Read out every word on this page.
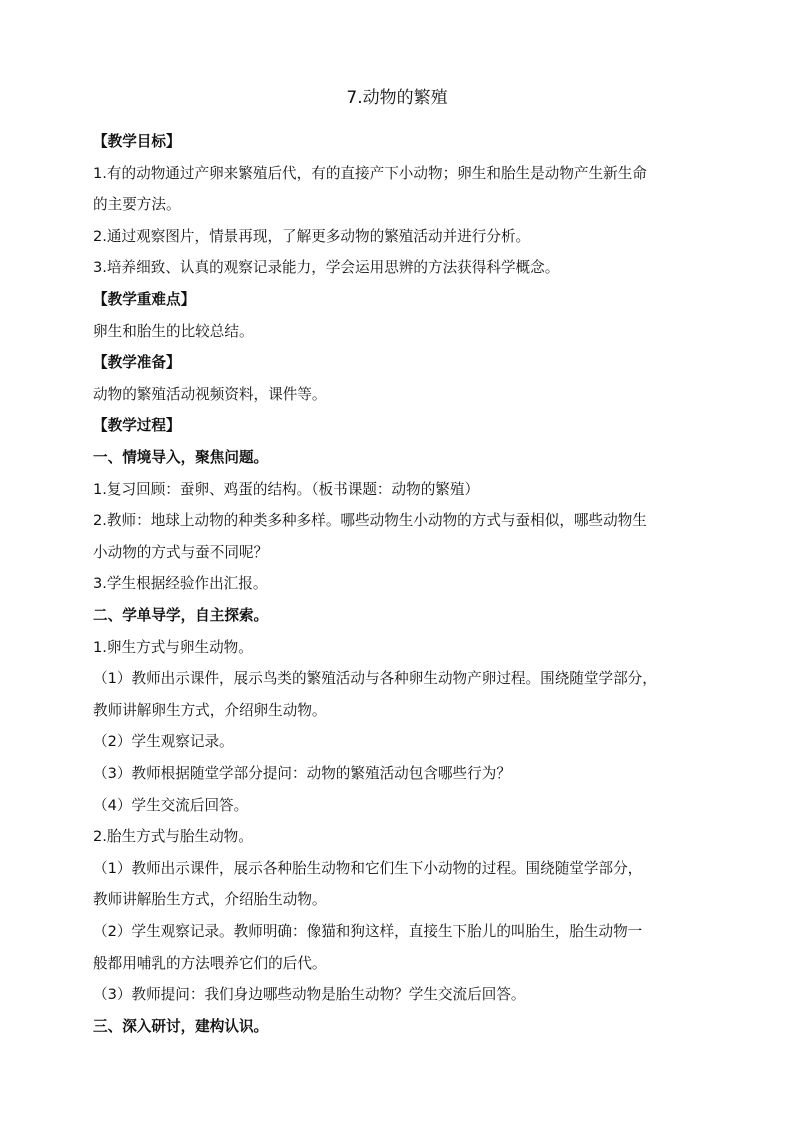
7.动物的繁殖
【教学目标】
1.有的动物通过产卵来繁殖后代，有的直接产下小动物；卵生和胎生是动物产生新生命
的主要方法。
2.通过观察图片，情景再现，了解更多动物的繁殖活动并进行分析。
3.培养细致、认真的观察记录能力，学会运用思辨的方法获得科学概念。
【教学重难点】
卵生和胎生的比较总结。
【教学准备】
动物的繁殖活动视频资料，课件等。
【教学过程】
一、情境导入，聚焦问题。
1.复习回顾：蚕卵、鸡蛋的结构。（板书课题：动物的繁殖）
2.教师：地球上动物的种类多种多样。哪些动物生小动物的方式与蚕相似，哪些动物生
小动物的方式与蚕不同呢？
3.学生根据经验作出汇报。
二、学单导学，自主探索。
1.卵生方式与卵生动物。
（1）教师出示课件，展示鸟类的繁殖活动与各种卵生动物产卵过程。围绕随堂学部分，
教师讲解卵生方式，介绍卵生动物。
（2）学生观察记录。
（3）教师根据随堂学部分提问：动物的繁殖活动包含哪些行为？
（4）学生交流后回答。
2.胎生方式与胎生动物。
（1）教师出示课件，展示各种胎生动物和它们生下小动物的过程。围绕随堂学部分，
教师讲解胎生方式，介绍胎生动物。
（2）学生观察记录。教师明确：像猫和狗这样，直接生下胎儿的叫胎生，胎生动物一
般都用哺乳的方法喂养它们的后代。
（3）教师提问：我们身边哪些动物是胎生动物？学生交流后回答。
三、深入研讨，建构认识。
